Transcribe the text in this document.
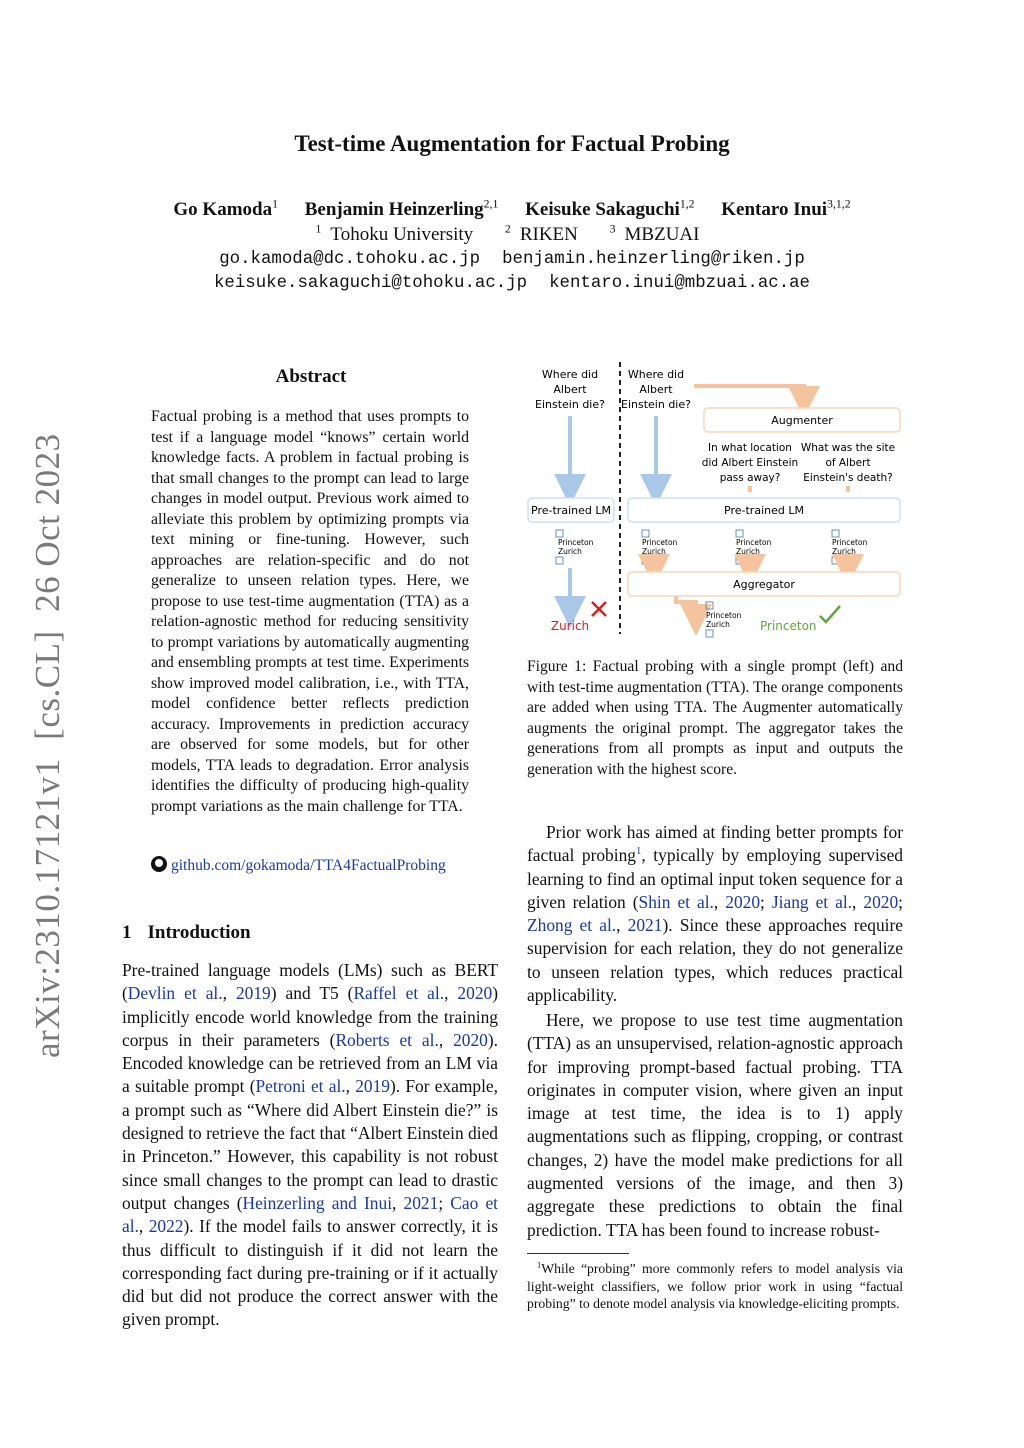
Test-time Augmentation for Factual Probing
Go Kamoda$^1$ Benjamin Heinzerling$^{2,1}$ Keisuke Sakaguchi$^{1,2}$ Kentaro Inui$^{3,1,2}$
$^1$ Tohoku University	$^2$ RIKEN	$^3$ MBZUAI
go.kamoda@dc.tohoku.ac.jp benjamin.heinzerling@riken.jp
keisuke.sakaguchi@tohoku.ac.jp kentaro.inui@mbzuai.ac.ae
arXiv:2310.17121v1  [cs.CL]  26 Oct 2023
Abstract
Factual probing is a method that uses prompts to test if a language model “knows” certain world knowledge facts. A problem in factual probing is that small changes to the prompt can lead to large changes in model output. Previous work aimed to alleviate this problem by optimizing prompts via text mining or fine-tuning. However, such approaches are relation-specific and do not generalize to unseen relation types. Here, we propose to use test-time augmentation (TTA) as a relation-agnostic method for reducing sensitivity to prompt variations by automatically augmenting and ensembling prompts at test time. Experiments show improved model calibration, i.e., with TTA, model confidence better reflects prediction accuracy. Improvements in prediction accuracy are observed for some models, but for other models, TTA leads to degradation. Error analysis identifies the difficulty of producing high-quality prompt variations as the main challenge for TTA.
github.com/gokamoda/TTA4FactualProbing
1 Introduction
Pre-trained language models (LMs) such as BERT (Devlin et al., 2019) and T5 (Raffel et al., 2020) implicitly encode world knowledge from the training corpus in their parameters (Roberts et al., 2020). Encoded knowledge can be retrieved from an LM via a suitable prompt (Petroni et al., 2019). For example, a prompt such as “Where did Albert Einstein die?” is designed to retrieve the fact that “Albert Einstein died in Princeton.” However, this capability is not robust since small changes to the prompt can lead to drastic output changes (Heinzerling and Inui, 2021; Cao et al., 2022). If the model fails to answer correctly, it is thus difficult to distinguish if it did not learn the corresponding fact during pre-training or if it actually did but did not produce the correct answer with the given prompt.
Where did
Albert
Einstein die?
Where did
Albert
Einstein die?
Augmenter
In what location
did Albert Einstein
pass away?
What was the site
of Albert
Einstein's death?
Pre-trained LM	Pre-trained LM
Princeton
Zurich
Princeton
Zurich
Princeton
Zurich
Princeton
Zurich
Aggregator
Zurich
Princeton
Zurich	Princeton
Figure 1: Factual probing with a single prompt (left) and with test-time augmentation (TTA). The orange components are added when using TTA. The Augmenter automatically augments the original prompt. The aggregator takes the generations from all prompts as input and outputs the generation with the highest score.
Prior work has aimed at finding better prompts for factual probing$^1$, typically by employing supervised learning to find an optimal input token sequence for a given relation (Shin et al., 2020; Jiang et al., 2020; Zhong et al., 2021). Since these approaches require supervision for each relation, they do not generalize to unseen relation types, which reduces practical applicability.
Here, we propose to use test time augmentation (TTA) as an unsupervised, relation-agnostic approach for improving prompt-based factual probing. TTA originates in computer vision, where given an input image at test time, the idea is to 1) apply augmentations such as flipping, cropping, or contrast changes, 2) have the model make predictions for all augmented versions of the image, and then 3) aggregate these predictions to obtain the final prediction. TTA has been found to increase robust-
$^1$While “probing” more commonly refers to model analysis via light-weight classifiers, we follow prior work in using “factual probing” to denote model analysis via knowledge-eliciting prompts.
